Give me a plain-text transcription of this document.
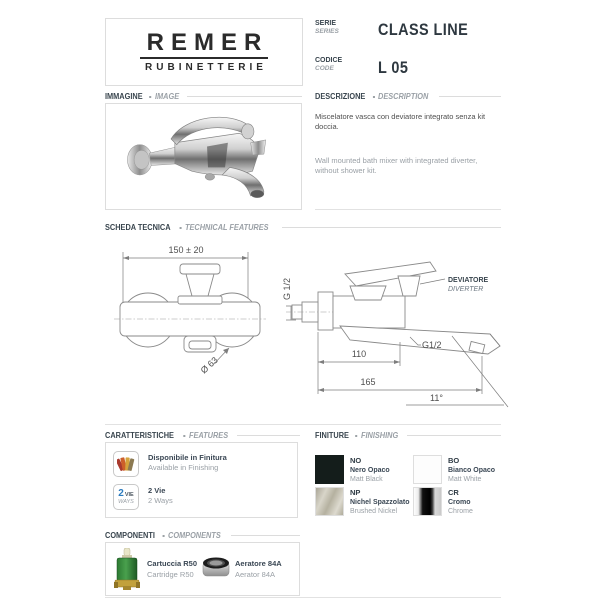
REMER
RUBINETTERIE
SERIE
SERIES CLASS LINE
CODICE
CODE	L 05
IMMAGINE - IMAGE	DESCRIZIONE - DESCRIPTION
Miscelatore vasca con deviatore integrato senza kit doccia.
Wall mounted bath mixer with integrated diverter, without shower kit.
SCHEDA TECNICA - TECHNICAL FEATURES
150 ± 20
G 1/2
Ø 63
DEVIATORE
DIVERTER
G1/2
110
165
11°
CARATTERISTICHE - FEATURES
Disponibile in Finitura
Available in Finishing
2 VIE
WAYS
2 Vie
2 Ways
FINITURE - FINISHING
NO
Nero Opaco
Matt Black
BO
Bianco Opaco
Matt White
NP
Nichel Spazzolato
Brushed Nickel
CR
Cromo
Chrome
COMPONENTI - COMPONENTS
Cartuccia R50
Cartridge R50
Aeratore 84A
Aerator 84A
